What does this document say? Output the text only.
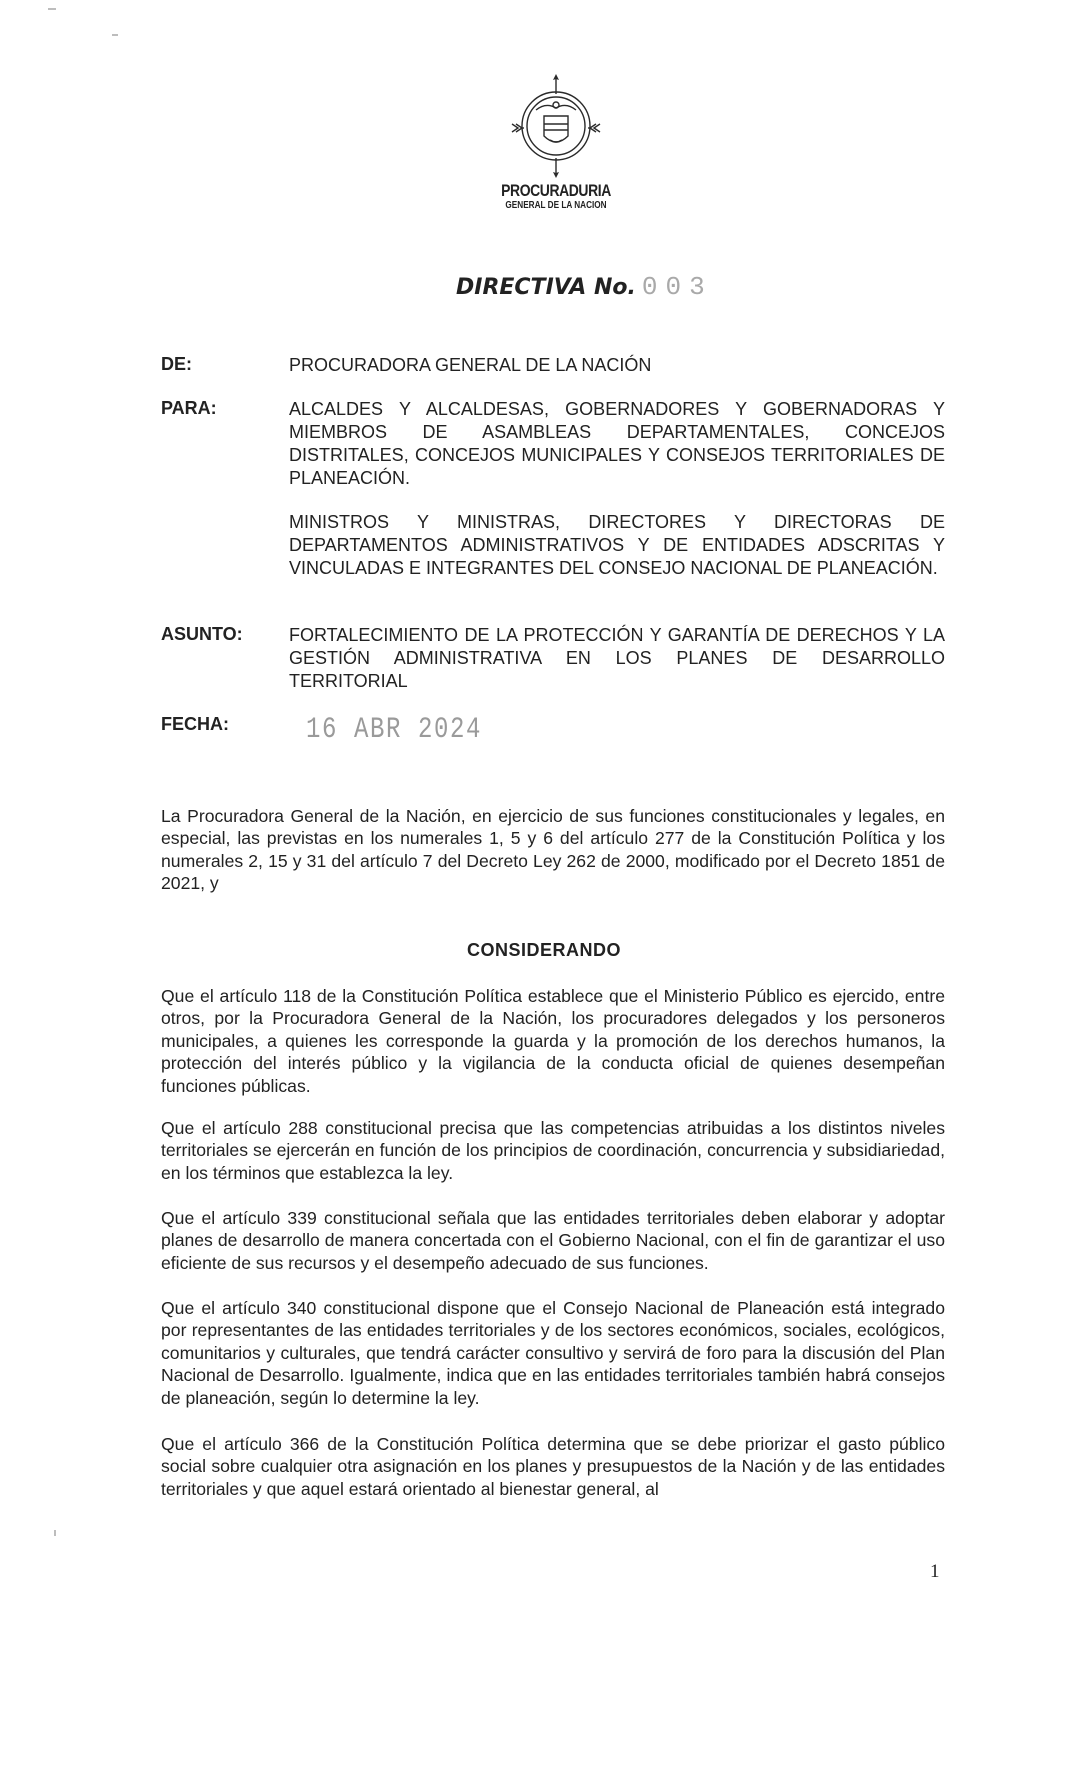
PROCURADURIA
GENERAL DE LA NACION
DIRECTIVA No. 003
DE:	PROCURADORA GENERAL DE LA NACIÓN
PARA:	ALCALDES Y ALCALDESAS, GOBERNADORES Y GOBERNADORAS Y MIEMBROS DE ASAMBLEAS DEPARTAMENTALES, CONCEJOS DISTRITALES, CONCEJOS MUNICIPALES Y CONSEJOS TERRITORIALES DE PLANEACIÓN.
MINISTROS Y MINISTRAS, DIRECTORES Y DIRECTORAS DE DEPARTAMENTOS ADMINISTRATIVOS Y DE ENTIDADES ADSCRITAS Y VINCULADAS E INTEGRANTES DEL CONSEJO NACIONAL DE PLANEACIÓN.
ASUNTO:	FORTALECIMIENTO DE LA PROTECCIÓN Y GARANTÍA DE DERECHOS Y LA GESTIÓN ADMINISTRATIVA EN LOS PLANES DE DESARROLLO TERRITORIAL
FECHA:	16 ABR 2024
La Procuradora General de la Nación, en ejercicio de sus funciones constitucionales y legales, en especial, las previstas en los numerales 1, 5 y 6 del artículo 277 de la Constitución Política y los numerales 2, 15 y 31 del artículo 7 del Decreto Ley 262 de 2000, modificado por el Decreto 1851 de 2021, y
CONSIDERANDO
Que el artículo 118 de la Constitución Política establece que el Ministerio Público es ejercido, entre otros, por la Procuradora General de la Nación, los procuradores delegados y los personeros municipales, a quienes les corresponde la guarda y la promoción de los derechos humanos, la protección del interés público y la vigilancia de la conducta oficial de quienes desempeñan funciones públicas.
Que el artículo 288 constitucional precisa que las competencias atribuidas a los distintos niveles territoriales se ejercerán en función de los principios de coordinación, concurrencia y subsidiariedad, en los términos que establezca la ley.
Que el artículo 339 constitucional señala que las entidades territoriales deben elaborar y adoptar planes de desarrollo de manera concertada con el Gobierno Nacional, con el fin de garantizar el uso eficiente de sus recursos y el desempeño adecuado de sus funciones.
Que el artículo 340 constitucional dispone que el Consejo Nacional de Planeación está integrado por representantes de las entidades territoriales y de los sectores económicos, sociales, ecológicos, comunitarios y culturales, que tendrá carácter consultivo y servirá de foro para la discusión del Plan Nacional de Desarrollo. Igualmente, indica que en las entidades territoriales también habrá consejos de planeación, según lo determine la ley.
Que el artículo 366 de la Constitución Política determina que se debe priorizar el gasto público social sobre cualquier otra asignación en los planes y presupuestos de la Nación y de las entidades territoriales y que aquel estará orientado al bienestar general, al
1
